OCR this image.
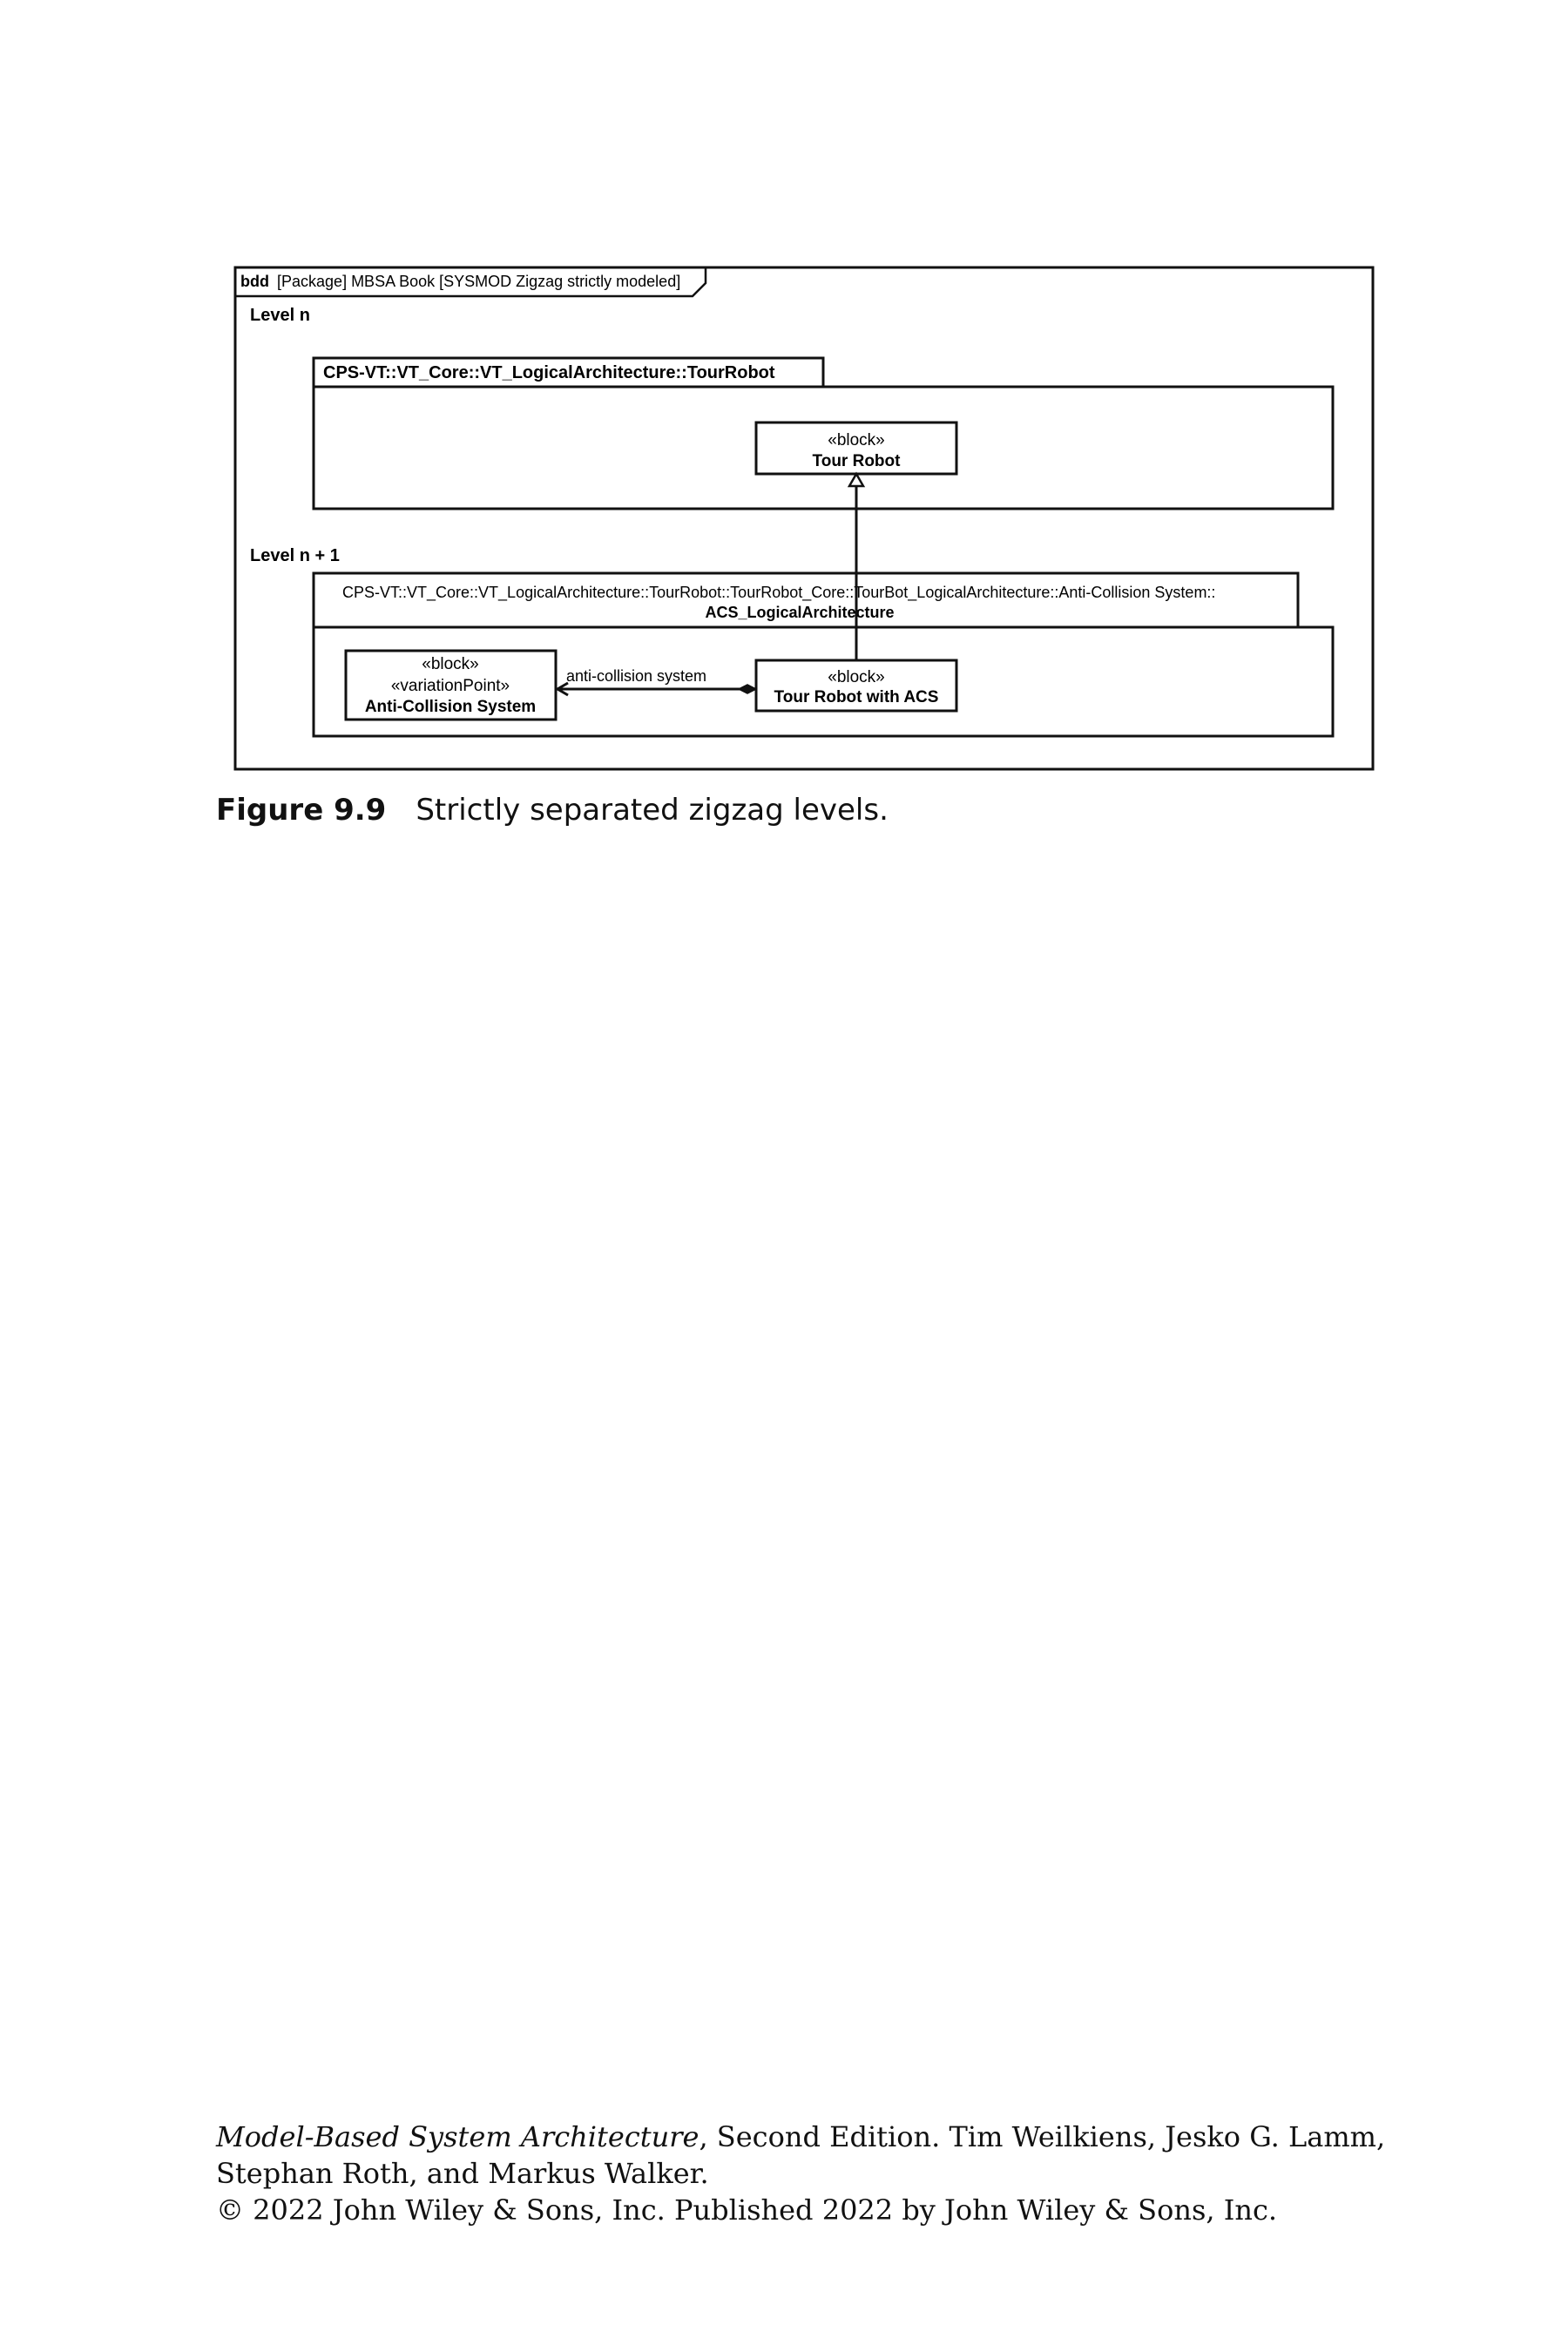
bdd [Package] MBSA Book [SYSMOD Zigzag strictly modeled]
Level n
CPS-VT::VT_Core::VT_LogicalArchitecture::TourRobot
«block»
Tour Robot
Level n + 1
CPS-VT::VT_Core::VT_LogicalArchitecture::TourRobot::TourRobot_Core::TourBot_LogicalArchitecture::Anti-Collision System::
ACS_LogicalArchitecture
«block»
«variationPoint»
Anti-Collision System
«block»
Tour Robot with ACS
anti-collision system
Figure 9.9 Strictly separated zigzag levels.
Model-Based System Architecture, Second Edition. Tim Weilkiens, Jesko G. Lamm,
Stephan Roth, and Markus Walker.
© 2022 John Wiley & Sons, Inc. Published 2022 by John Wiley & Sons, Inc.
